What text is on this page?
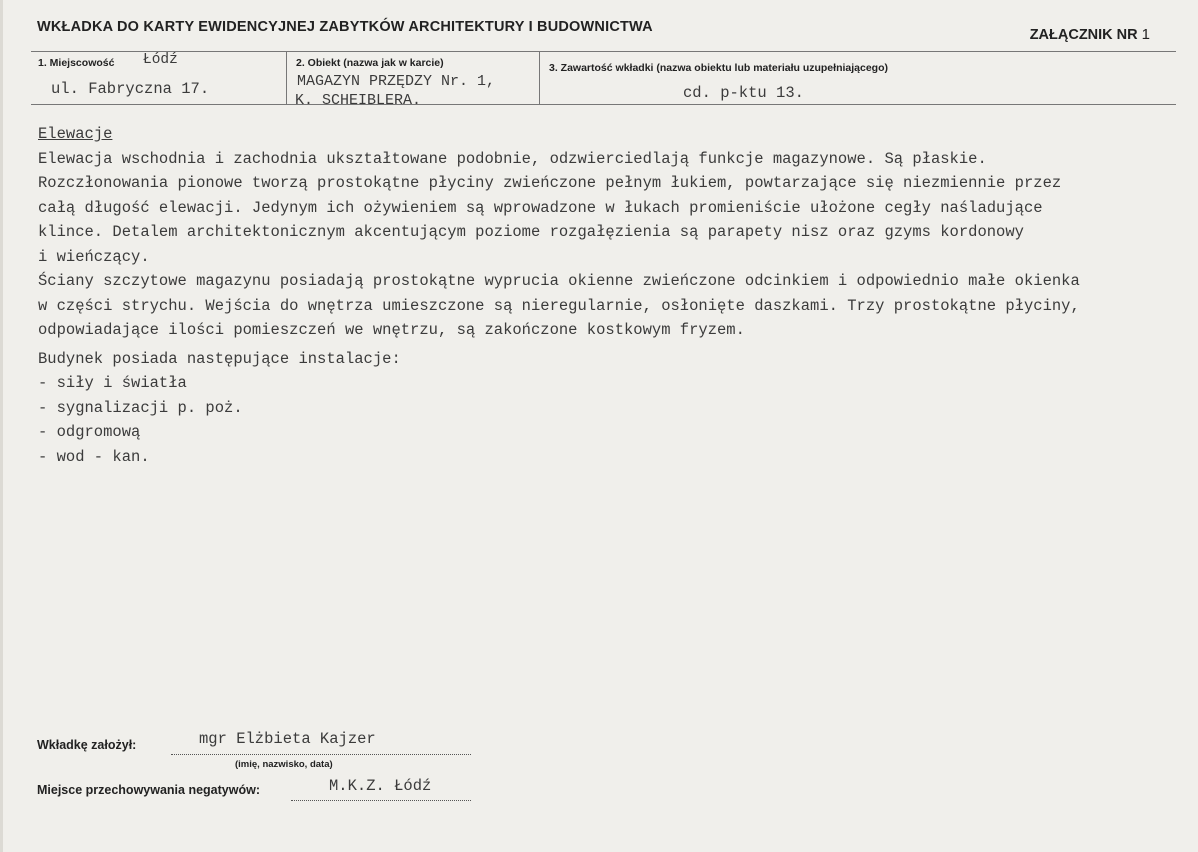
WKŁADKA DO KARTY EWIDENCYJNEJ ZABYTKÓW ARCHITEKTURY I BUDOWNICTWA	ZAŁĄCZNIK NR 1
1. Miejscowość Łódź
ul. Fabryczna 17.
2. Obiekt (nazwa jak w karcie)
MAGAZYN PRZĘDZY Nr. 1,
K. SCHEIBLERA.
3. Zawartość wkładki (nazwa obiektu lub materiału uzupełniającego)
cd. p-ktu 13.
Elewacje
Elewacja wschodnia i zachodnia ukształtowane podobnie, odzwierciedlają funkcje magazynowe. Są płaskie.
Rozczłonowania pionowe tworzą prostokątne płyciny zwieńczone pełnym łukiem, powtarzające się niezmiennie przez
całą długość elewacji. Jedynym ich ożywieniem są wprowadzone w łukach promieniście ułożone cegły naśladujące
klince. Detalem architektonicznym akcentującym poziome rozgałęzienia są parapety nisz oraz gzyms kordonowy
i wieńczący.
Ściany szczytowe magazynu posiadają prostokątne wyprucia okienne zwieńczone odcinkiem i odpowiednio małe okienka
w części strychu. Wejścia do wnętrza umieszczone są nieregularnie, osłonięte daszkami. Trzy prostokątne płyciny,
odpowiadające ilości pomieszczeń we wnętrzu, są zakończone kostkowym fryzem.
Budynek posiada następujące instalacje:
- siły i światła
- sygnalizacji p. poż.
- odgromową
- wod - kan.
Wkładkę założył:	mgr Elżbieta Kajzer
(imię, nazwisko, data)
Miejsce przechowywania negatywów:	M.K.Z. Łódź
